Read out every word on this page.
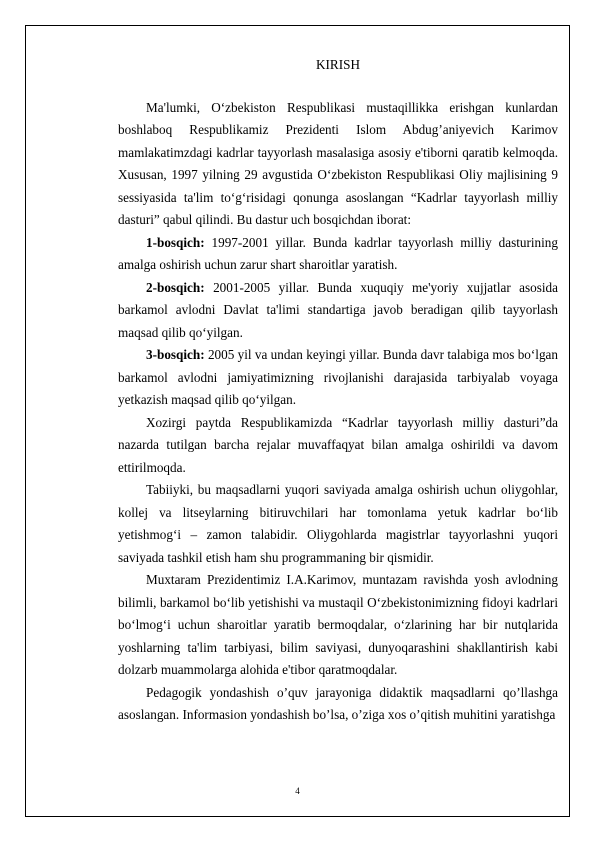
KIRISH

Ma'lumki, O‘zbekiston Respublikasi mustaqillikka erishgan kunlardan boshlaboq Respublikamiz Prezidenti Islom Abdug’aniyevich Karimov mamlakatimzdagi kadrlar tayyorlash masalasiga asosiy e'tiborni qaratib kelmoqda. Xususan, 1997 yilning 29 avgustida O‘zbekiston Respublikasi Oliy majlisining 9 sessiyasida ta'lim to‘g‘risidagi qonunga asoslangan “Kadrlar tayyorlash milliy dasturi” qabul qilindi. Bu dastur uch bosqichdan iborat:

1-bosqich: 1997-2001 yillar. Bunda kadrlar tayyorlash milliy dasturining amalga oshirish uchun zarur shart sharoitlar yaratish.

2-bosqich: 2001-2005 yillar. Bunda xuquqiy me'yoriy xujjatlar asosida barkamol avlodni Davlat ta'limi standartiga javob beradigan qilib tayyorlash maqsad qilib qo‘yilgan.

3-bosqich: 2005 yil va undan keyingi yillar. Bunda davr talabiga mos bo‘lgan barkamol avlodni jamiyatimizning rivojlanishi darajasida tarbiyalab voyaga yetkazish maqsad qilib qo‘yilgan.

Xozirgi paytda Respublikamizda “Kadrlar tayyorlash milliy dasturi”da nazarda tutilgan barcha rejalar muvaffaqyat bilan amalga oshirildi va davom ettirilmoqda.

Tabiiyki, bu maqsadlarni yuqori saviyada amalga oshirish uchun oliygohlar, kollej va litseylarning bitiruvchilari har tomonlama yetuk kadrlar bo‘lib yetishmog‘i – zamon talabidir. Oliygohlarda magistrlar tayyorlashni yuqori saviyada tashkil etish ham shu programmaning bir qismidir.

Muxtaram Prezidentimiz I.A.Karimov, muntazam ravishda yosh avlodning bilimli, barkamol bo‘lib yetishishi va mustaqil O‘zbekistonimizning fidoyi kadrlari bo‘lmog‘i uchun sharoitlar yaratib bermoqdalar, o‘zlarining har bir nutqlarida yoshlarning ta'lim tarbiyasi, bilim saviyasi, dunyoqarashini shakllantirish kabi dolzarb muammolarga alohida e'tibor qaratmoqdalar.

Pedagogik yondashish o’quv jarayoniga didaktik maqsadlarni qo’llashga asoslangan. Informasion yondashish bo’lsa, o’ziga xos o’qitish muhitini yaratishga

4
